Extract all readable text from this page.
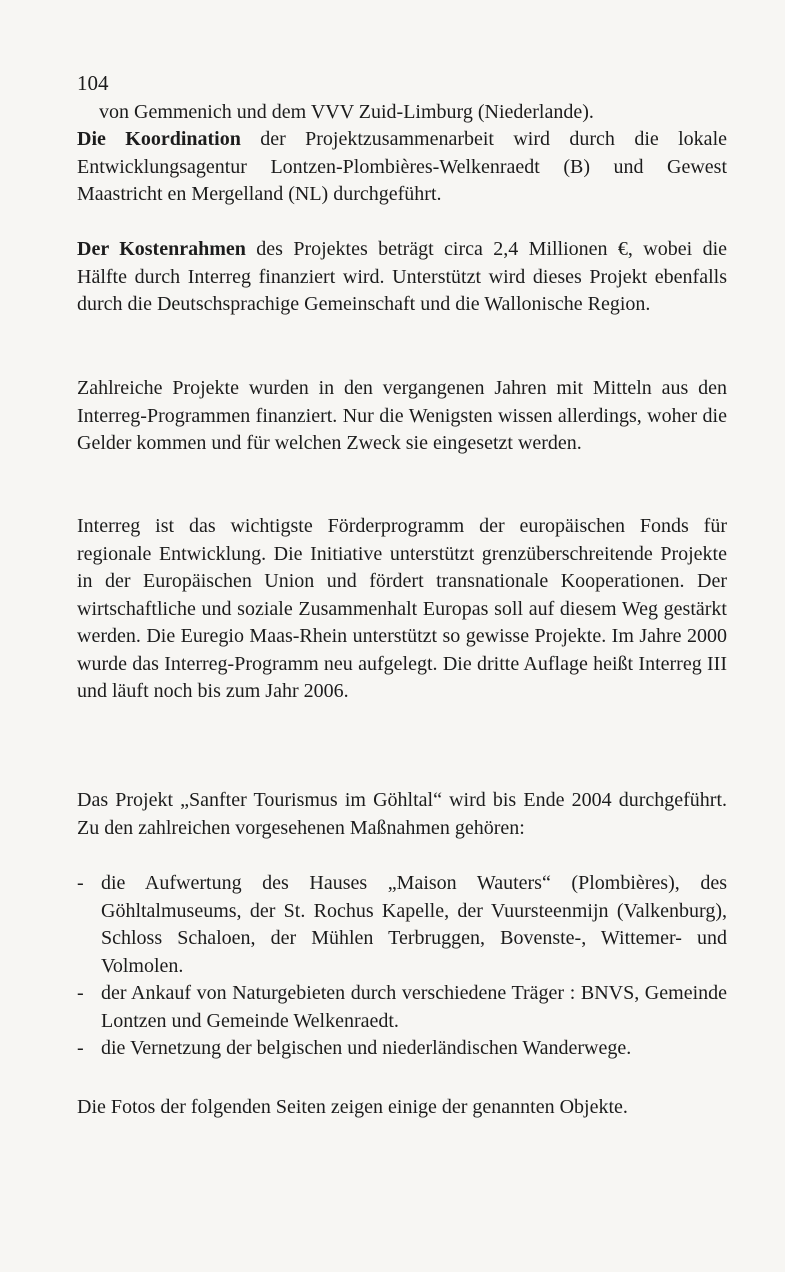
104

von Gemmenich und dem VVV Zuid-Limburg (Niederlande).

Die Koordination der Projektzusammenarbeit wird durch die lokale Entwicklungsagentur Lontzen-Plombières-Welkenraedt (B) und Gewest Maastricht en Mergelland (NL) durchgeführt.

Der Kostenrahmen des Projektes beträgt circa 2,4 Millionen €, wobei die Hälfte durch Interreg finanziert wird. Unterstützt wird dieses Projekt ebenfalls durch die Deutschsprachige Gemeinschaft und die Wallonische Region.

Zahlreiche Projekte wurden in den vergangenen Jahren mit Mitteln aus den Interreg-Programmen finanziert. Nur die Wenigsten wissen allerdings, woher die Gelder kommen und für welchen Zweck sie eingesetzt werden.

Interreg ist das wichtigste Förderprogramm der europäischen Fonds für regionale Entwicklung. Die Initiative unterstützt grenzüberschreitende Projekte in der Europäischen Union und fördert transnationale Kooperationen. Der wirtschaftliche und soziale Zusammenhalt Europas soll auf diesem Weg gestärkt werden. Die Euregio Maas-Rhein unterstützt so gewisse Projekte. Im Jahre 2000 wurde das Interreg-Programm neu aufgelegt. Die dritte Auflage heißt Interreg III und läuft noch bis zum Jahr 2006.

Das Projekt „Sanfter Tourismus im Göhltal“ wird bis Ende 2004 durchgeführt. Zu den zahlreichen vorgesehenen Maßnahmen gehören:

- die Aufwertung des Hauses „Maison Wauters“ (Plombières), des Göhltalmuseums, der St. Rochus Kapelle, der Vuursteenmijn (Valkenburg), Schloss Schaloen, der Mühlen Terbruggen, Bovenste-, Wittemer- und Volmolen.
- der Ankauf von Naturgebieten durch verschiedene Träger : BNVS, Gemeinde Lontzen und Gemeinde Welkenraedt.
- die Vernetzung der belgischen und niederländischen Wanderwege.

Die Fotos der folgenden Seiten zeigen einige der genannten Objekte.
